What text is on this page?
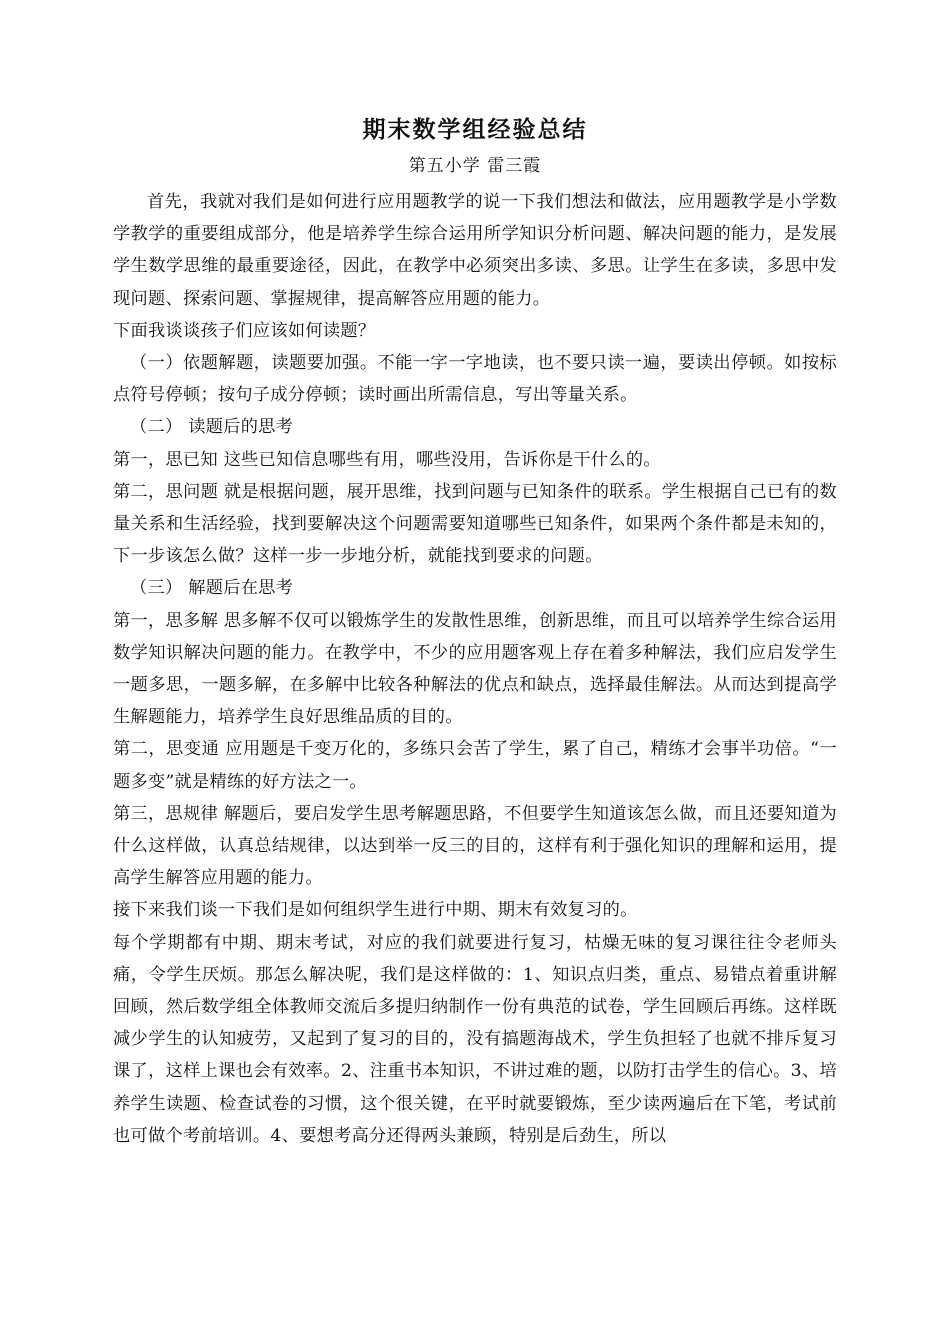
期末数学组经验总结
第五小学 雷三霞

首先，我就对我们是如何进行应用题教学的说一下我们想法和做法，应用题教学是小学数学教学的重要组成部分，他是培养学生综合运用所学知识分析问题、解决问题的能力，是发展学生数学思维的最重要途径，因此，在教学中必须突出多读、多思。让学生在多读，多思中发现问题、探索问题、掌握规律，提高解答应用题的能力。

下面我谈谈孩子们应该如何读题？

（一）依题解题，读题要加强。不能一字一字地读，也不要只读一遍，要读出停顿。如按标点符号停顿；按句子成分停顿；读时画出所需信息，写出等量关系。

（二） 读题后的思考

第一，思已知 这些已知信息哪些有用，哪些没用，告诉你是干什么的。

第二，思问题 就是根据问题，展开思维，找到问题与已知条件的联系。学生根据自己已有的数量关系和生活经验，找到要解决这个问题需要知道哪些已知条件，如果两个条件都是未知的，下一步该怎么做？这样一步一步地分析，就能找到要求的问题。

（三） 解题后在思考

第一，思多解 思多解不仅可以锻炼学生的发散性思维，创新思维，而且可以培养学生综合运用数学知识解决问题的能力。在教学中，不少的应用题客观上存在着多种解法，我们应启发学生一题多思，一题多解，在多解中比较各种解法的优点和缺点，选择最佳解法。从而达到提高学生解题能力，培养学生良好思维品质的目的。

第二，思变通 应用题是千变万化的，多练只会苦了学生，累了自己，精练才会事半功倍。“一题多变”就是精练的好方法之一。

第三，思规律 解题后，要启发学生思考解题思路，不但要学生知道该怎么做，而且还要知道为什么这样做，认真总结规律，以达到举一反三的目的，这样有利于强化知识的理解和运用，提高学生解答应用题的能力。

接下来我们谈一下我们是如何组织学生进行中期、期末有效复习的。

每个学期都有中期、期末考试，对应的我们就要进行复习，枯燥无味的复习课往往令老师头痛，令学生厌烦。那怎么解决呢，我们是这样做的：1、知识点归类，重点、易错点着重讲解回顾，然后数学组全体教师交流后多提归纳制作一份有典范的试卷，学生回顾后再练。这样既减少学生的认知疲劳，又起到了复习的目的，没有搞题海战术，学生负担轻了也就不排斥复习课了，这样上课也会有效率。2、注重书本知识，不讲过难的题，以防打击学生的信心。3、培养学生读题、检查试卷的习惯，这个很关键，在平时就要锻炼，至少读两遍后在下笔，考试前也可做个考前培训。4、要想考高分还得两头兼顾，特别是后劲生，所以
